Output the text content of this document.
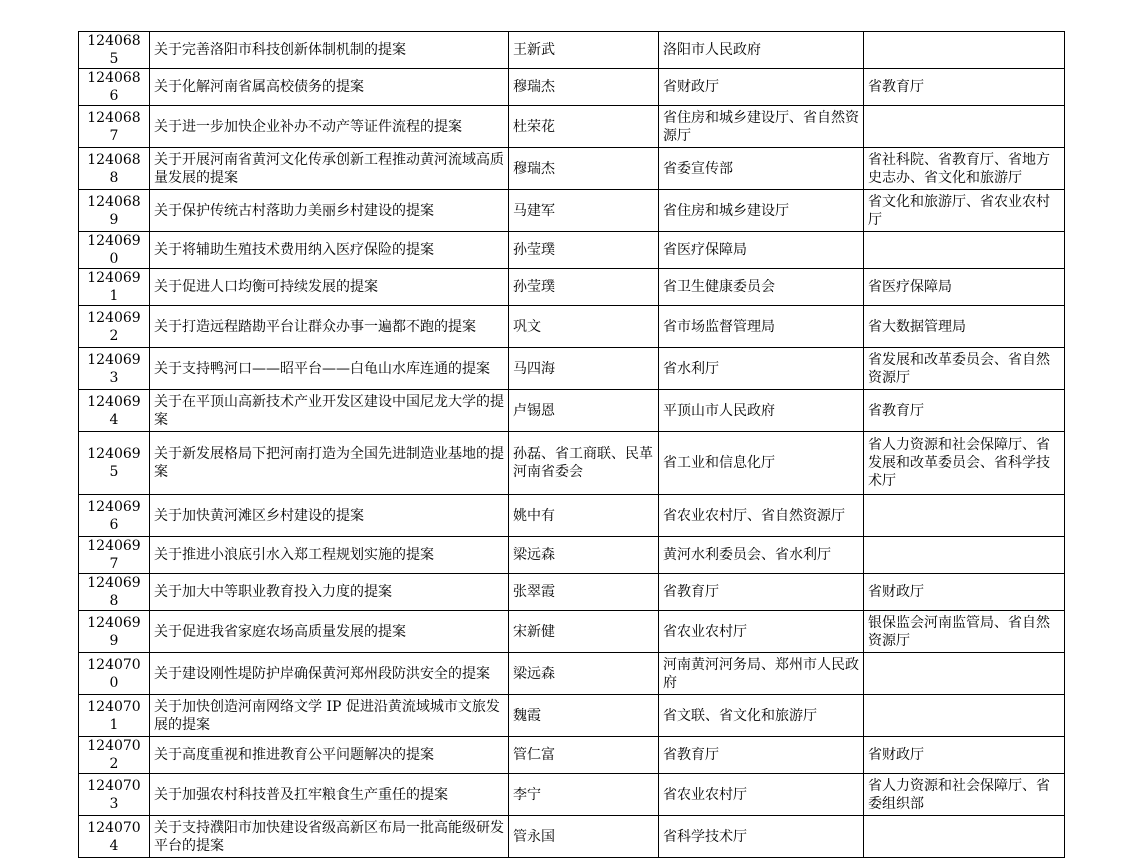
1240685	关于完善洛阳市科技创新体制机制的提案	王新武	洛阳市人民政府	
1240686	关于化解河南省属高校债务的提案	穆瑞杰	省财政厅	省教育厅
1240687	关于进一步加快企业补办不动产等证件流程的提案	杜荣花	省住房和城乡建设厅、省自然资源厅	
1240688	关于开展河南省黄河文化传承创新工程推动黄河流域高质量发展的提案	穆瑞杰	省委宣传部	省社科院、省教育厅、省地方史志办、省文化和旅游厅
1240689	关于保护传统古村落助力美丽乡村建设的提案	马建军	省住房和城乡建设厅	省文化和旅游厅、省农业农村厅
1240690	关于将辅助生殖技术费用纳入医疗保险的提案	孙莹璞	省医疗保障局	
1240691	关于促进人口均衡可持续发展的提案	孙莹璞	省卫生健康委员会	省医疗保障局
1240692	关于打造远程踏勘平台让群众办事一遍都不跑的提案	巩文	省市场监督管理局	省大数据管理局
1240693	关于支持鸭河口——昭平台——白龟山水库连通的提案	马四海	省水利厅	省发展和改革委员会、省自然资源厅
1240694	关于在平顶山高新技术产业开发区建设中国尼龙大学的提案	卢锡恩	平顶山市人民政府	省教育厅
1240695	关于新发展格局下把河南打造为全国先进制造业基地的提案	孙磊、省工商联、民革河南省委会	省工业和信息化厅	省人力资源和社会保障厅、省发展和改革委员会、省科学技术厅
1240696	关于加快黄河滩区乡村建设的提案	姚中有	省农业农村厅、省自然资源厅	
1240697	关于推进小浪底引水入郑工程规划实施的提案	梁远森	黄河水利委员会、省水利厅	
1240698	关于加大中等职业教育投入力度的提案	张翠霞	省教育厅	省财政厅
1240699	关于促进我省家庭农场高质量发展的提案	宋新健	省农业农村厅	银保监会河南监管局、省自然资源厅
1240700	关于建设刚性堤防护岸确保黄河郑州段防洪安全的提案	梁远森	河南黄河河务局、郑州市人民政府	
1240701	关于加快创造河南网络文学 IP 促进沿黄流域城市文旅发展的提案	魏霞	省文联、省文化和旅游厅	
1240702	关于高度重视和推进教育公平问题解决的提案	管仁富	省教育厅	省财政厅
1240703	关于加强农村科技普及扛牢粮食生产重任的提案	李宁	省农业农村厅	省人力资源和社会保障厅、省委组织部
1240704	关于支持濮阳市加快建设省级高新区布局一批高能级研发平台的提案	管永国	省科学技术厅	
